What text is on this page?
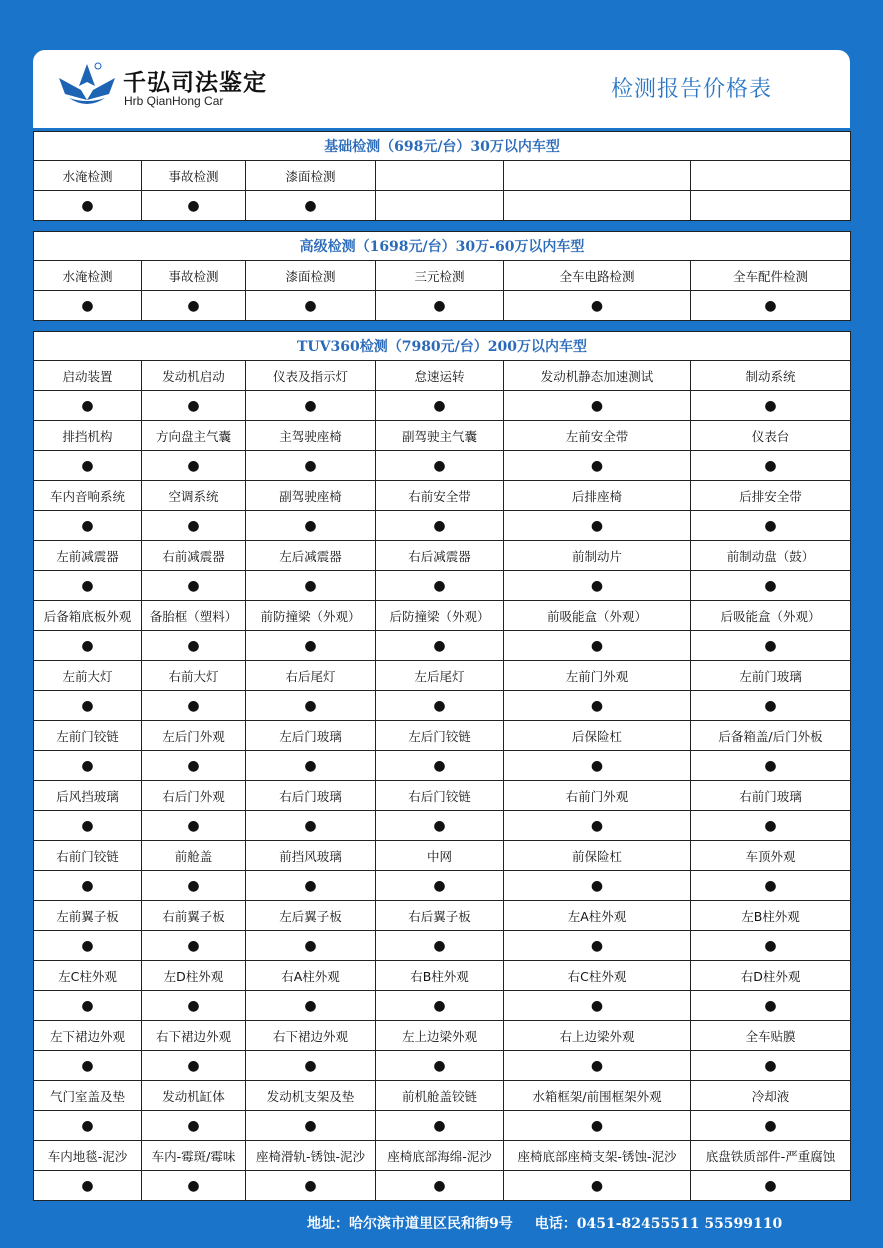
千弘司法鉴定
Hrb QianHong Car	检测报告价格表
基础检测（698元/台）30万以内车型					
水淹检测	事故检测	漆面检测			
●	●	●			
高级检测（1698元/台）30万-60万以内车型					
水淹检测	事故检测	漆面检测	三元检测	全车电路检测	全车配件检测
●	●	●	●	●	●
TUV360检测（7980元/台）200万以内车型					
启动装置	发动机启动	仪表及指示灯	怠速运转	发动机静态加速测试	制动系统
●	●	●	●	●	●
排挡机构	方向盘主气囊	主驾驶座椅	副驾驶主气囊	左前安全带	仪表台
●	●	●	●	●	●
车内音响系统	空调系统	副驾驶座椅	右前安全带	后排座椅	后排安全带
●	●	●	●	●	●
左前减震器	右前减震器	左后减震器	右后减震器	前制动片	前制动盘（鼓）
●	●	●	●	●	●
后备箱底板外观	备胎框（塑料）	前防撞梁（外观）	后防撞梁（外观）	前吸能盒（外观）	后吸能盒（外观）
●	●	●	●	●	●
左前大灯	右前大灯	右后尾灯	左后尾灯	左前门外观	左前门玻璃
●	●	●	●	●	●
左前门铰链	左后门外观	左后门玻璃	左后门铰链	后保险杠	后备箱盖/后门外板
●	●	●	●	●	●
后风挡玻璃	右后门外观	右后门玻璃	右后门铰链	右前门外观	右前门玻璃
●	●	●	●	●	●
右前门铰链	前舱盖	前挡风玻璃	中网	前保险杠	车顶外观
●	●	●	●	●	●
左前翼子板	右前翼子板	左后翼子板	右后翼子板	左A柱外观	左B柱外观
●	●	●	●	●	●
左C柱外观	左D柱外观	右A柱外观	右B柱外观	右C柱外观	右D柱外观
●	●	●	●	●	●
左下裙边外观	右下裙边外观	右下裙边外观	左上边梁外观	右上边梁外观	全车贴膜
●	●	●	●	●	●
气门室盖及垫	发动机缸体	发动机支架及垫	前机舱盖铰链	水箱框架/前围框架外观	冷却液
●	●	●	●	●	●
车内地毯-泥沙	车内-霉斑/霉味	座椅滑轨-锈蚀-泥沙	座椅底部海绵-泥沙	座椅底部座椅支架-锈蚀-泥沙	底盘铁质部件-严重腐蚀
●	●	●	●	●	●
地址：哈尔滨市道里区民和街9号 电话：0451-82455511 55599110
